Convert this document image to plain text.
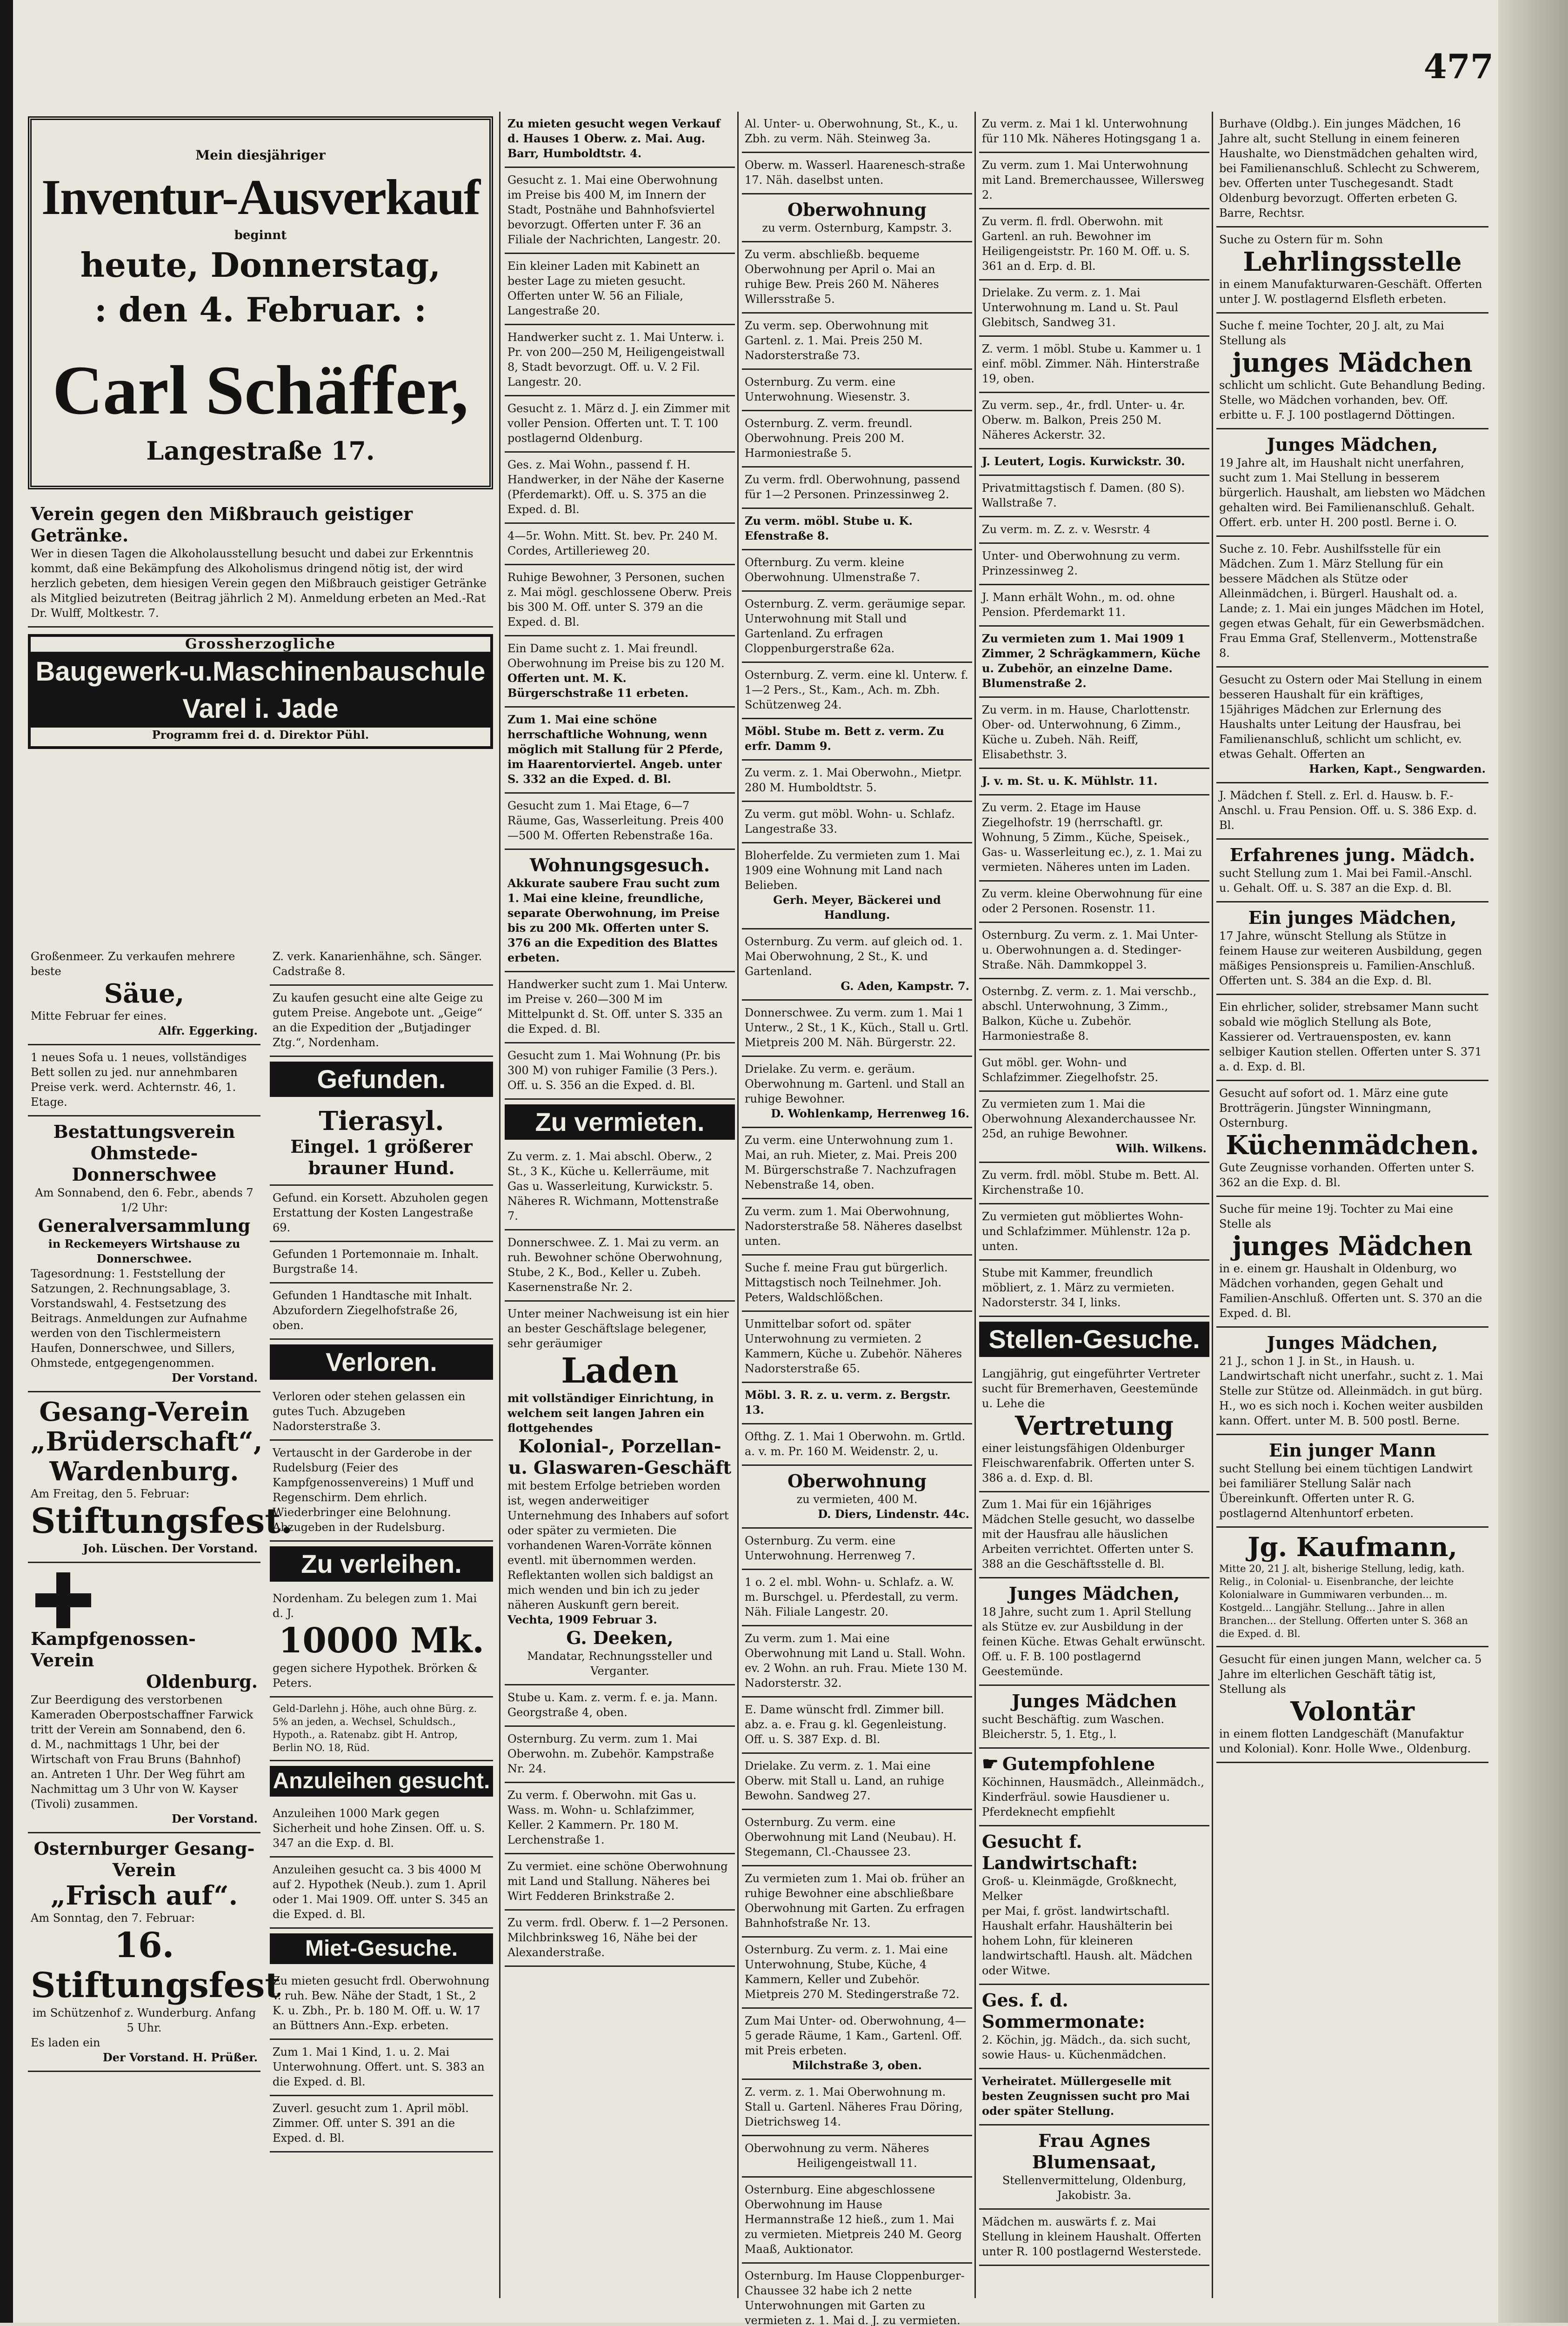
477
Mein diesjähriger
Inventur-Ausverkauf
beginnt
heute, Donnerstag,
: den 4. Februar. :
Carl Schäffer,
Langestraße 17.

Verein gegen den Mißbrauch geistiger Getränke.

Wer in diesen Tagen die Alkoholausstellung besucht und dabei zur Erkenntnis kommt, daß eine Bekämpfung des Alkoholismus dringend nötig ist, der wird herzlich gebeten, dem hiesigen Verein gegen den Mißbrauch geistiger Getränke als Mitglied beizutreten (Beitrag jährlich 2 M). Anmeldung erbeten an Med.-Rat Dr. Wulff, Moltkestr. 7.

Grossherzogliche
Baugewerk-u.Maschinenbauschule Varel i. Jade
Programm frei d. d. Direktor Pühl.

Großenmeer. Zu verkaufen mehrere beste

Säue,

Mitte Februar fer eines.

Alfr. Eggerking.

1 neues Sofa u. 1 neues, vollständiges Bett sollen zu jed. nur annehmbaren Preise verk. werd. Achternstr. 46, 1. Etage.

Bestattungsverein Ohmstede-Donnerschwee

Am Sonnabend, den 6. Febr., abends 7 1/2 Uhr:

Generalversammlung

in Reckemeyers Wirtshause zu Donnerschwee.

Tagesordnung: 1. Feststellung der Satzungen, 2. Rechnungsablage, 3. Vorstandswahl, 4. Festsetzung des Beitrags. Anmeldungen zur Aufnahme werden von den Tischlermeistern Haufen, Donnerschwee, und Sillers, Ohmstede, entgegengenommen.

Der Vorstand.

Gesang-Verein

„Brüderschaft“,

Wardenburg.

Am Freitag, den 5. Februar:

Stiftungsfest.

Joh. Lüschen. Der Vorstand.

Kampfgenossen-Verein

Oldenburg.

Zur Beerdigung des verstorbenen Kameraden Oberpostschaffner Farwick tritt der Verein am Sonnabend, den 6. d. M., nachmittags 1 Uhr, bei der Wirtschaft von Frau Bruns (Bahnhof) an. Antreten 1 Uhr. Der Weg führt am Nachmittag um 3 Uhr von W. Kayser (Tivoli) zusammen.

Der Vorstand.

Osternburger Gesang-Verein

„Frisch auf“.

Am Sonntag, den 7. Februar:

16. Stiftungsfest

im Schützenhof z. Wunderburg. Anfang 5 Uhr.

Es laden ein

Der Vorstand. H. Prüßer.

Z. verk. Kanarienhähne, sch. Sänger. Cadstraße 8.

Zu kaufen gesucht eine alte Geige zu gutem Preise. Angebote unt. „Geige“ an die Expedition der „Butjadinger Ztg.“, Nordenham.

Gefunden.

Tierasyl.

Eingel. 1 größerer brauner Hund.

Gefund. ein Korsett. Abzuholen gegen Erstattung der Kosten Langestraße 69.

Gefunden 1 Portemonnaie m. Inhalt. Burgstraße 14.

Gefunden 1 Handtasche mit Inhalt. Abzufordern Ziegelhofstraße 26, oben.

Verloren.

Verloren oder stehen gelassen ein gutes Tuch. Abzugeben Nadorsterstraße 3.

Vertauscht in der Garderobe in der Rudelsburg (Feier des Kampfgenossenvereins) 1 Muff und Regenschirm. Dem ehrlich. Wiederbringer eine Belohnung. Abzugeben in der Rudelsburg.

Zu verleihen.

Nordenham. Zu belegen zum 1. Mai d. J.

10000 Mk.

gegen sichere Hypothek. Brörken & Peters.

Geld-Darlehn j. Höhe, auch ohne Bürg. z. 5% an jeden, a. Wechsel, Schuldsch., Hypoth., a. Ratenabz. gibt H. Antrop, Berlin NO. 18, Rüd.

Anzuleihen gesucht.

Anzuleihen 1000 Mark gegen Sicherheit und hohe Zinsen. Off. u. S. 347 an die Exp. d. Bl.

Anzuleihen gesucht ca. 3 bis 4000 M auf 2. Hypothek (Neub.). zum 1. April oder 1. Mai 1909. Off. unter S. 345 an die Exped. d. Bl.

Miet-Gesuche.

Zu mieten gesucht frdl. Oberwohnung v. ruh. Bew. Nähe der Stadt, 1 St., 2 K. u. Zbh., Pr. b. 180 M. Off. u. W. 17 an Büttners Ann.-Exp. erbeten.

Zum 1. Mai 1 Kind, 1. u. 2. Mai Unterwohnung. Offert. unt. S. 383 an die Exped. d. Bl.

Zuverl. gesucht zum 1. April möbl. Zimmer. Off. unter S. 391 an die Exped. d. Bl.

Zu mieten gesucht wegen Verkauf d. Hauses 1 Oberw. z. Mai. Aug. Barr, Humboldtstr. 4.

Gesucht z. 1. Mai eine Oberwohnung im Preise bis 400 M, im Innern der Stadt, Postnähe und Bahnhofsviertel bevorzugt. Offerten unter F. 36 an Filiale der Nachrichten, Langestr. 20.

Ein kleiner Laden mit Kabinett an bester Lage zu mieten gesucht. Offerten unter W. 56 an Filiale, Langestraße 20.

Handwerker sucht z. 1. Mai Unterw. i. Pr. von 200—250 M, Heiligengeistwall 8, Stadt bevorzugt. Off. u. V. 2 Fil. Langestr. 20.

Gesucht z. 1. März d. J. ein Zimmer mit voller Pension. Offerten unt. T. T. 100 postlagernd Oldenburg.

Ges. z. Mai Wohn., passend f. H. Handwerker, in der Nähe der Kaserne (Pferdemarkt). Off. u. S. 375 an die Exped. d. Bl.

4—5r. Wohn. Mitt. St. bev. Pr. 240 M. Cordes, Artillerieweg 20.

Ruhige Bewohner, 3 Personen, suchen z. Mai mögl. geschlossene Oberw. Preis bis 300 M. Off. unter S. 379 an die Exped. d. Bl.

Ein Dame sucht z. 1. Mai freundl. Oberwohnung im Preise bis zu 120 M.

Offerten unt. M. K. Bürgerschstraße 11 erbeten.

Zum 1. Mai eine schöne herrschaftliche Wohnung, wenn möglich mit Stallung für 2 Pferde, im Haarentorviertel. Angeb. unter S. 332 an die Exped. d. Bl.

Gesucht zum 1. Mai Etage, 6—7 Räume, Gas, Wasserleitung. Preis 400—500 M. Offerten Rebenstraße 16a.

Wohnungsgesuch.

Akkurate saubere Frau sucht zum 1. Mai eine kleine, freundliche, separate Oberwohnung, im Preise bis zu 200 Mk. Offerten unter S. 376 an die Expedition des Blattes erbeten.

Handwerker sucht zum 1. Mai Unterw. im Preise v. 260—300 M im Mittelpunkt d. St. Off. unter S. 335 an die Exped. d. Bl.

Gesucht zum 1. Mai Wohnung (Pr. bis 300 M) von ruhiger Familie (3 Pers.). Off. u. S. 356 an die Exped. d. Bl.

Zu vermieten.

Zu verm. z. 1. Mai abschl. Oberw., 2 St., 3 K., Küche u. Kellerräume, mit Gas u. Wasserleitung, Kurwickstr. 5. Näheres R. Wichmann, Mottenstraße 7.

Donnerschwee. Z. 1. Mai zu verm. an ruh. Bewohner schöne Oberwohnung, Stube, 2 K., Bod., Keller u. Zubeh. Kasernenstraße Nr. 2.

Unter meiner Nachweisung ist ein hier an bester Geschäftslage belegener, sehr geräumiger

Laden

mit vollständiger Einrichtung, in welchem seit langen Jahren ein flottgehendes

Kolonial-, Porzellan- u. Glaswaren-Geschäft

mit bestem Erfolge betrieben worden ist, wegen anderweitiger Unternehmung des Inhabers auf sofort oder später zu vermieten. Die vorhandenen Waren-Vorräte können eventl. mit übernommen werden. Reflektanten wollen sich baldigst an mich wenden und bin ich zu jeder näheren Auskunft gern bereit.

Vechta, 1909 Februar 3.

G. Deeken,

Mandatar, Rechnungssteller und Verganter.

Stube u. Kam. z. verm. f. e. ja. Mann. Georgstraße 4, oben.

Osternburg. Zu verm. zum 1. Mai Oberwohn. m. Zubehör. Kampstraße Nr. 24.

Zu verm. f. Oberwohn. mit Gas u. Wass. m. Wohn- u. Schlafzimmer, Keller. 2 Kammern. Pr. 180 M. Lerchenstraße 1.

Zu vermiet. eine schöne Oberwohnung mit Land und Stallung. Näheres bei Wirt Fedderen Brinkstraße 2.

Zu verm. frdl. Oberw. f. 1—2 Personen. Milchbrinksweg 16, Nähe bei der Alexanderstraße.

Al. Unter- u. Oberwohnung, St., K., u. Zbh. zu verm. Näh. Steinweg 3a.

Oberw. m. Wasserl. Haarenesch-straße 17. Näh. daselbst unten.

Oberwohnung

zu verm. Osternburg, Kampstr. 3.

Zu verm. abschließb. bequeme Oberwohnung per April o. Mai an ruhige Bew. Preis 260 M. Näheres Willersstraße 5.

Zu verm. sep. Oberwohnung mit Gartenl. z. 1. Mai. Preis 250 M. Nadorsterstraße 73.

Osternburg. Zu verm. eine Unterwohnung. Wiesenstr. 3.

Osternburg. Z. verm. freundl. Oberwohnung. Preis 200 M. Harmoniestraße 5.

Zu verm. frdl. Oberwohnung, passend für 1—2 Personen. Prinzessinweg 2.

Zu verm. möbl. Stube u. K. Efenstraße 8.

Ofternburg. Zu verm. kleine Oberwohnung. Ulmenstraße 7.

Osternburg. Z. verm. geräumige separ. Unterwohnung mit Stall und Gartenland. Zu erfragen Cloppenburgerstraße 62a.

Osternburg. Z. verm. eine kl. Unterw. f. 1—2 Pers., St., Kam., Ach. m. Zbh. Schützenweg 24.

Möbl. Stube m. Bett z. verm. Zu erfr. Damm 9.

Zu verm. z. 1. Mai Oberwohn., Mietpr. 280 M. Humboldtstr. 5.

Zu verm. gut möbl. Wohn- u. Schlafz. Langestraße 33.

Bloherfelde. Zu vermieten zum 1. Mai 1909 eine Wohnung mit Land nach Belieben.

Gerh. Meyer, Bäckerei und Handlung.

Osternburg. Zu verm. auf gleich od. 1. Mai Oberwohnung, 2 St., K. und Gartenland.

G. Aden, Kampstr. 7.

Donnerschwee. Zu verm. zum 1. Mai 1 Unterw., 2 St., 1 K., Küch., Stall u. Grtl. Mietpreis 200 M. Näh. Bürgerstr. 22.

Drielake. Zu verm. e. geräum. Oberwohnung m. Gartenl. und Stall an ruhige Bewohner.

D. Wohlenkamp, Herrenweg 16.

Zu verm. eine Unterwohnung zum 1. Mai, an ruh. Mieter, z. Mai. Preis 200 M. Bürgerschstraße 7. Nachzufragen Nebenstraße 14, oben.

Zu verm. zum 1. Mai Oberwohnung, Nadorsterstraße 58. Näheres daselbst unten.

Suche f. meine Frau gut bürgerlich. Mittagstisch noch Teilnehmer. Joh. Peters, Waldschlößchen.

Unmittelbar sofort od. später Unterwohnung zu vermieten. 2 Kammern, Küche u. Zubehör. Näheres Nadorsterstraße 65.

Möbl. 3. R. z. u. verm. z. Bergstr. 13.

Ofthg. Z. 1. Mai 1 Oberwohn. m. Grtld. a. v. m. Pr. 160 M. Weidenstr. 2, u.

Oberwohnung

zu vermieten, 400 M.

D. Diers, Lindenstr. 44c.

Osternburg. Zu verm. eine Unterwohnung. Herrenweg 7.

1 o. 2 el. mbl. Wohn- u. Schlafz. a. W. m. Burschgel. u. Pferdestall, zu verm. Näh. Filiale Langestr. 20.

Zu verm. zum 1. Mai eine Oberwohnung mit Land u. Stall. Wohn. ev. 2 Wohn. an ruh. Frau. Miete 130 M. Nadorsterstr. 32.

E. Dame wünscht frdl. Zimmer bill. abz. a. e. Frau g. kl. Gegenleistung. Off. u. S. 387 Exp. d. Bl.

Drielake. Zu verm. z. 1. Mai eine Oberw. mit Stall u. Land, an ruhige Bewohn. Sandweg 27.

Osternburg. Zu verm. eine Oberwohnung mit Land (Neubau). H. Stegemann, Cl.-Chaussee 23.

Zu vermieten zum 1. Mai ob. früher an ruhige Bewohner eine abschließbare Oberwohnung mit Garten. Zu erfragen Bahnhofstraße Nr. 13.

Osternburg. Zu verm. z. 1. Mai eine Unterwohnung, Stube, Küche, 4 Kammern, Keller und Zubehör. Mietpreis 270 M. Stedingerstraße 72.

Zum Mai Unter- od. Oberwohnung, 4—5 gerade Räume, 1 Kam., Gartenl. Off. mit Preis erbeten.

Milchstraße 3, oben.

Z. verm. z. 1. Mai Oberwohnung m. Stall u. Gartenl. Näheres Frau Döring, Dietrichsweg 14.

Oberwohnung zu verm. Näheres

Heiligengeistwall 11.

Osternburg. Eine abgeschlossene Oberwohnung im Hause Hermannstraße 12 hieß., zum 1. Mai zu vermieten. Mietpreis 240 M. Georg Maaß, Auktionator.

Osternburg. Im Hause Cloppenburger-Chaussee 32 habe ich 2 nette Unterwohnungen mit Garten zu vermieten z. 1. Mai d. J. zu vermieten.

Zu verm. z. Mai 1 kl. Unterwohnung für 110 Mk. Näheres Hotingsgang 1 a.

Zu verm. zum 1. Mai Unterwohnung mit Land. Bremerchaussee, Willersweg 2.

Zu verm. fl. frdl. Oberwohn. mit Gartenl. an ruh. Bewohner im Heiligengeiststr. Pr. 160 M. Off. u. S. 361 an d. Erp. d. Bl.

Drielake. Zu verm. z. 1. Mai Unterwohnung m. Land u. St. Paul Glebitsch, Sandweg 31.

Z. verm. 1 möbl. Stube u. Kammer u. 1 einf. möbl. Zimmer. Näh. Hinterstraße 19, oben.

Zu verm. sep., 4r., frdl. Unter- u. 4r. Oberw. m. Balkon, Preis 250 M. Näheres Ackerstr. 32.

J. Leutert, Logis. Kurwickstr. 30.

Privatmittagstisch f. Damen. (80 S). Wallstraße 7.

Zu verm. m. Z. z. v. Wesrstr. 4

Unter- und Oberwohnung zu verm. Prinzessinweg 2.

J. Mann erhält Wohn., m. od. ohne Pension. Pferdemarkt 11.

Zu vermieten zum 1. Mai 1909 1 Zimmer, 2 Schrägkammern, Küche u. Zubehör, an einzelne Dame. Blumenstraße 2.

Zu verm. in m. Hause, Charlottenstr. Ober- od. Unterwohnung, 6 Zimm., Küche u. Zubeh. Näh. Reiff, Elisabethstr. 3.

J. v. m. St. u. K. Mühlstr. 11.

Zu verm. 2. Etage im Hause Ziegelhofstr. 19 (herrschaftl. gr. Wohnung, 5 Zimm., Küche, Speisek., Gas- u. Wasserleitung ec.), z. 1. Mai zu vermieten. Näheres unten im Laden.

Zu verm. kleine Oberwohnung für eine oder 2 Personen. Rosenstr. 11.

Osternburg. Zu verm. z. 1. Mai Unter- u. Oberwohnungen a. d. Stedinger-Straße. Näh. Dammkoppel 3.

Osternbg. Z. verm. z. 1. Mai verschb., abschl. Unterwohnung, 3 Zimm., Balkon, Küche u. Zubehör. Harmoniestraße 8.

Gut möbl. ger. Wohn- und Schlafzimmer. Ziegelhofstr. 25.

Zu vermieten zum 1. Mai die Oberwohnung Alexanderchaussee Nr. 25d, an ruhige Bewohner.

Wilh. Wilkens.

Zu verm. frdl. möbl. Stube m. Bett. Al. Kirchenstraße 10.

Zu vermieten gut möbliertes Wohn- und Schlafzimmer. Mühlenstr. 12a p. unten.

Stube mit Kammer, freundlich möbliert, z. 1. März zu vermieten. Nadorsterstr. 34 I, links.

Stellen-Gesuche.

Langjährig, gut eingeführter Vertreter sucht für Bremerhaven, Geestemünde u. Lehe die

Vertretung

einer leistungsfähigen Oldenburger Fleischwarenfabrik. Offerten unter S. 386 a. d. Exp. d. Bl.

Zum 1. Mai für ein 16jähriges Mädchen Stelle gesucht, wo dasselbe mit der Hausfrau alle häuslichen Arbeiten verrichtet. Offerten unter S. 388 an die Geschäftsstelle d. Bl.

Junges Mädchen,

18 Jahre, sucht zum 1. April Stellung als Stütze ev. zur Ausbildung in der feinen Küche. Etwas Gehalt erwünscht. Off. u. F. B. 100 postlagernd Geestemünde.

Junges Mädchen

sucht Beschäftig. zum Waschen. Bleicherstr. 5, 1. Etg., l.

☛ Gutempfohlene

Köchinnen, Hausmädch., Alleinmädch., Kinderfräul. sowie Hausdiener u. Pferdeknecht empfiehlt

Gesucht f. Landwirtschaft:

Groß- u. Kleinmägde, Großknecht, Melker

per Mai, f. gröst. landwirtschaftl. Haushalt erfahr. Haushälterin bei hohem Lohn, für kleineren landwirtschaftl. Haush. alt. Mädchen oder Witwe.

Ges. f. d. Sommermonate:

2. Köchin, jg. Mädch., da. sich sucht, sowie Haus- u. Küchenmädchen.

Verheiratet. Müllergeselle mit besten Zeugnissen sucht pro Mai oder später Stellung.

Frau Agnes Blumensaat,

Stellenvermittelung, Oldenburg, Jakobistr. 3a.

Mädchen m. auswärts f. z. Mai Stellung in kleinem Haushalt. Offerten unter R. 100 postlagernd Westerstede.

Burhave (Oldbg.). Ein junges Mädchen, 16 Jahre alt, sucht Stellung in einem feineren Haushalte, wo Dienstmädchen gehalten wird, bei Familienanschluß. Schlecht zu Schwerem, bev. Offerten unter Tuschegesandt. Stadt Oldenburg bevorzugt. Offerten erbeten G. Barre, Rechtsr.

Suche zu Ostern für m. Sohn

Lehrlingsstelle

in einem Manufakturwaren-Geschäft. Offerten unter J. W. postlagernd Elsfleth erbeten.

Suche f. meine Tochter, 20 J. alt, zu Mai Stellung als

junges Mädchen

schlicht um schlicht. Gute Behandlung Beding. Stelle, wo Mädchen vorhanden, bev. Off. erbitte u. F. J. 100 postlagernd Döttingen.

Junges Mädchen,

19 Jahre alt, im Haushalt nicht unerfahren, sucht zum 1. Mai Stellung in besserem bürgerlich. Haushalt, am liebsten wo Mädchen gehalten wird. Bei Familienanschluß. Gehalt. Offert. erb. unter H. 200 postl. Berne i. O.

Suche z. 10. Febr. Aushilfsstelle für ein Mädchen. Zum 1. März Stellung für ein bessere Mädchen als Stütze oder Alleinmädchen, i. Bürgerl. Haushalt od. a. Lande; z. 1. Mai ein junges Mädchen im Hotel, gegen etwas Gehalt, für ein Gewerbsmädchen. Frau Emma Graf, Stellenverm., Mottenstraße 8.

Gesucht zu Ostern oder Mai Stellung in einem besseren Haushalt für ein kräftiges, 15jähriges Mädchen zur Erlernung des Haushalts unter Leitung der Hausfrau, bei Familienanschluß, schlicht um schlicht, ev. etwas Gehalt. Offerten an

Harken, Kapt., Sengwarden.

J. Mädchen f. Stell. z. Erl. d. Hausw. b. F.-Anschl. u. Frau Pension. Off. u. S. 386 Exp. d. Bl.

Erfahrenes jung. Mädch.

sucht Stellung zum 1. Mai bei Famil.-Anschl. u. Gehalt. Off. u. S. 387 an die Exp. d. Bl.

Ein junges Mädchen,

17 Jahre, wünscht Stellung als Stütze in feinem Hause zur weiteren Ausbildung, gegen mäßiges Pensionspreis u. Familien-Anschluß. Offerten unt. S. 384 an die Exp. d. Bl.

Ein ehrlicher, solider, strebsamer Mann sucht sobald wie möglich Stellung als Bote, Kassierer od. Vertrauensposten, ev. kann selbiger Kaution stellen. Offerten unter S. 371 a. d. Exp. d. Bl.

Gesucht auf sofort od. 1. März eine gute Brotträgerin. Jüngster Winningmann, Osternburg.

Küchenmädchen.

Gute Zeugnisse vorhanden. Offerten unter S. 362 an die Exp. d. Bl.

Suche für meine 19j. Tochter zu Mai eine Stelle als

junges Mädchen

in e. einem gr. Haushalt in Oldenburg, wo Mädchen vorhanden, gegen Gehalt und Familien-Anschluß. Offerten unt. S. 370 an die Exped. d. Bl.

Junges Mädchen,

21 J., schon 1 J. in St., in Haush. u. Landwirtschaft nicht unerfahr., sucht z. 1. Mai Stelle zur Stütze od. Alleinmädch. in gut bürg. H., wo es sich noch i. Kochen weiter ausbilden kann. Offert. unter M. B. 500 postl. Berne.

Ein junger Mann

sucht Stellung bei einem tüchtigen Landwirt bei familiärer Stellung Salär nach Übereinkunft. Offerten unter R. G. postlagernd Altenhuntorf erbeten.

Jg. Kaufmann,

Mitte 20, 21 J. alt, bisherige Stellung, ledig, kath. Relig., in Colonial- u. Eisenbranche, der leichte Kolonialware in Gummiwaren verbunden... m. Kostgeld... Langjähr. Stellung... Jahre in allen Branchen... der Stellung. Offerten unter S. 368 an die Exped. d. Bl.

Gesucht für einen jungen Mann, welcher ca. 5 Jahre im elterlichen Geschäft tätig ist, Stellung als

Volontär

in einem flotten Landgeschäft (Manufaktur und Kolonial). Konr. Holle Wwe., Oldenburg.
